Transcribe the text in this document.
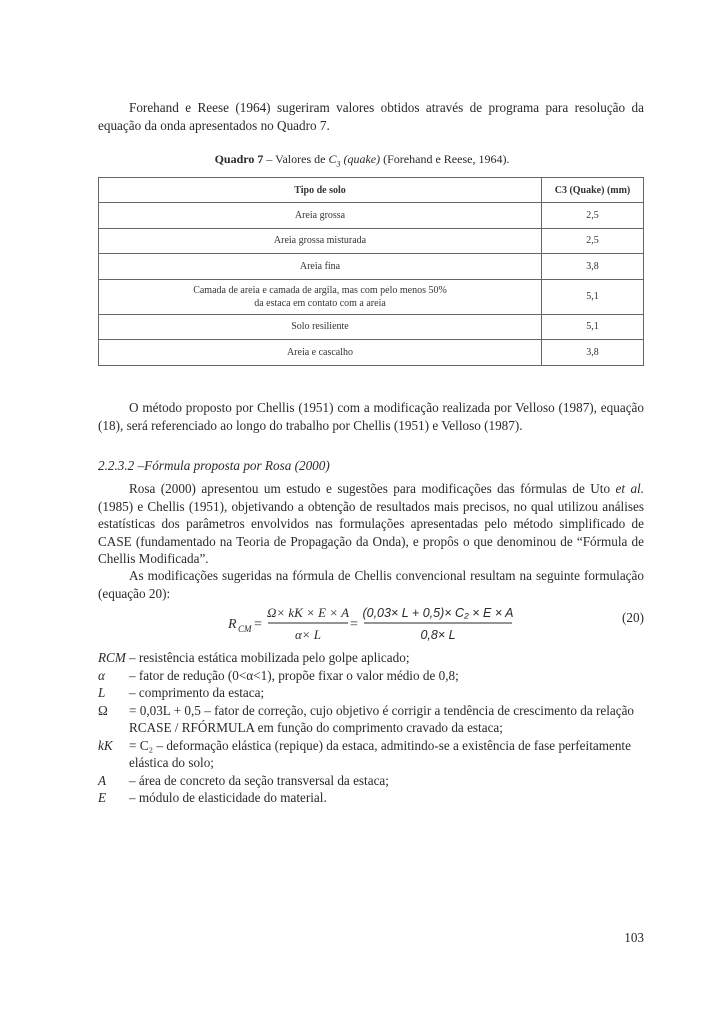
Forehand e Reese (1964) sugeriram valores obtidos através de programa para resolução da equação da onda apresentados no Quadro 7.

Quadro 7 – Valores de $C_3$ (quake) (Forehand e Reese, 1964).
Tipo de solo	C3 (Quake) (mm)
Areia grossa	2,5
Areia grossa misturada	2,5
Areia fina	3,8

Camada de areia e camada de argila, mas com pelo menos 50%
da estaca em contato com a areia	5,1
Solo resiliente	5,1
Areia e cascalho	3,8

O método proposto por Chellis (1951) com a modificação realizada por Velloso (1987), equação (18), será referenciado ao longo do trabalho por Chellis (1951) e Velloso (1987).

2.2.3.2 –Fórmula proposta por Rosa (2000)

Rosa (2000) apresentou um estudo e sugestões para modificações das fórmulas de Uto et al. (1985) e Chellis (1951), objetivando a obtenção de resultados mais precisos, no qual utilizou análises estatísticas dos parâmetros envolvidos nas formulações apresentadas pelo método simplificado de CASE (fundamentado na Teoria de Propagação da Onda), e propôs o que denominou de “Fórmula de Chellis Modificada”.

As modificações sugeridas na fórmula de Chellis convencional resultam na seguinte formulação (equação 20):

R CM =
Ω× kK × E × A
α× L
=
(0,03× L + 0,5)× C₂ × E × A
0,8× L
(20)
RCM – resistência estática mobilizada pelo golpe aplicado;
α	– fator de redução (0<α<1), propõe fixar o valor médio de 0,8;
L	– comprimento da estaca;
Ω	= 0,03L + 0,5 – fator de correção, cujo objetivo é corrigir a tendência de crescimento da relação RCASE / RFÓRMULA em função do comprimento cravado da estaca;
kK	= C₂ – deformação elástica (repique) da estaca, admitindo-se a existência de fase perfeitamente elástica do solo;
A	– área de concreto da seção transversal da estaca;
E	– módulo de elasticidade do material.
103
